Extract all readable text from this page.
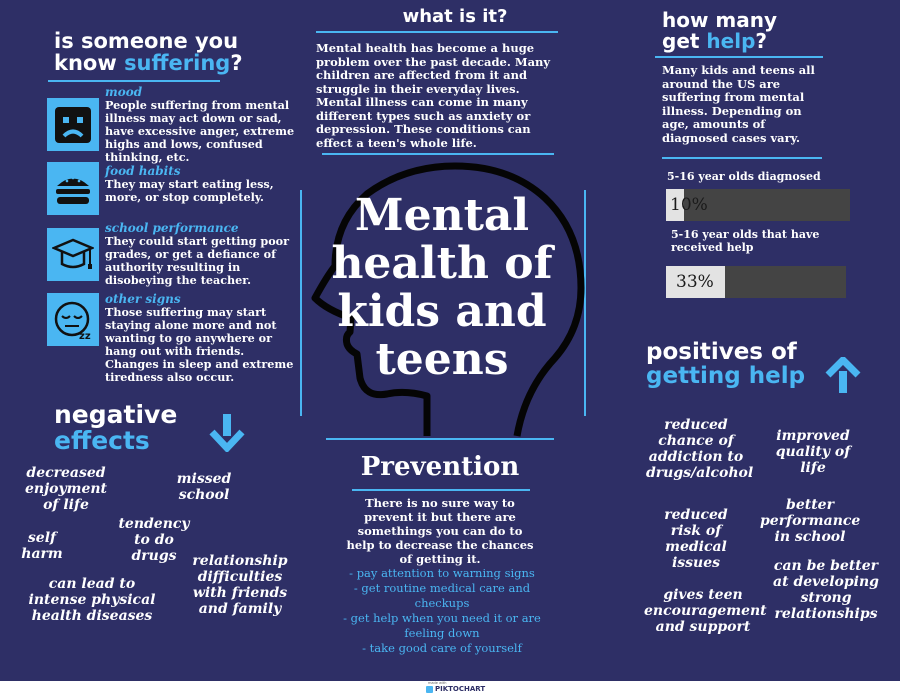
is someone you
know suffering?
mood
People suffering from mental illness may act down or sad, have excessive anger, extreme highs and lows, confused thinking, etc.
food habits
They may start eating less, more, or stop completely.
school performance
They could start getting poor grades, or get a defiance of authority resulting in disobeying the teacher.
zz
other signs
Those suffering may start staying alone more and not wanting to go anywhere or hang out with friends. Changes in sleep and extreme tiredness also occur.
negative
effects
decreased enjoyment of life
missed school
tendency to do drugs
self harm	relationship difficulties with friends and family
can lead to intense physical health diseases
what is it?
Mental health has become a huge problem over the past decade. Many children are affected from it and struggle in their everyday lives. Mental illness can come in many different types such as anxiety or depression. These conditions can effect a teen's whole life.
Mental
health of
kids and
teens
Prevention
There is no sure way to prevent it but there are somethings you can do to help to decrease the chances of getting it.
- pay attention to warning signs
- get routine medical care and checkups
- get help when you need it or are feeling down
- take good care of yourself
how many
get help?
Many kids and teens all around the US are suffering from mental illness. Depending on age, amounts of diagnosed cases vary.
5-16 year olds diagnosed
10%
5-16 year olds that have received help
33%
positives of
getting help
reduced chance of addiction to drugs/alcohol
improved quality of life
reduced risk of medical issues
better performance in school
gives teen encouragement and support
can be better at developing strong relationships
made with
PIKTOCHART
